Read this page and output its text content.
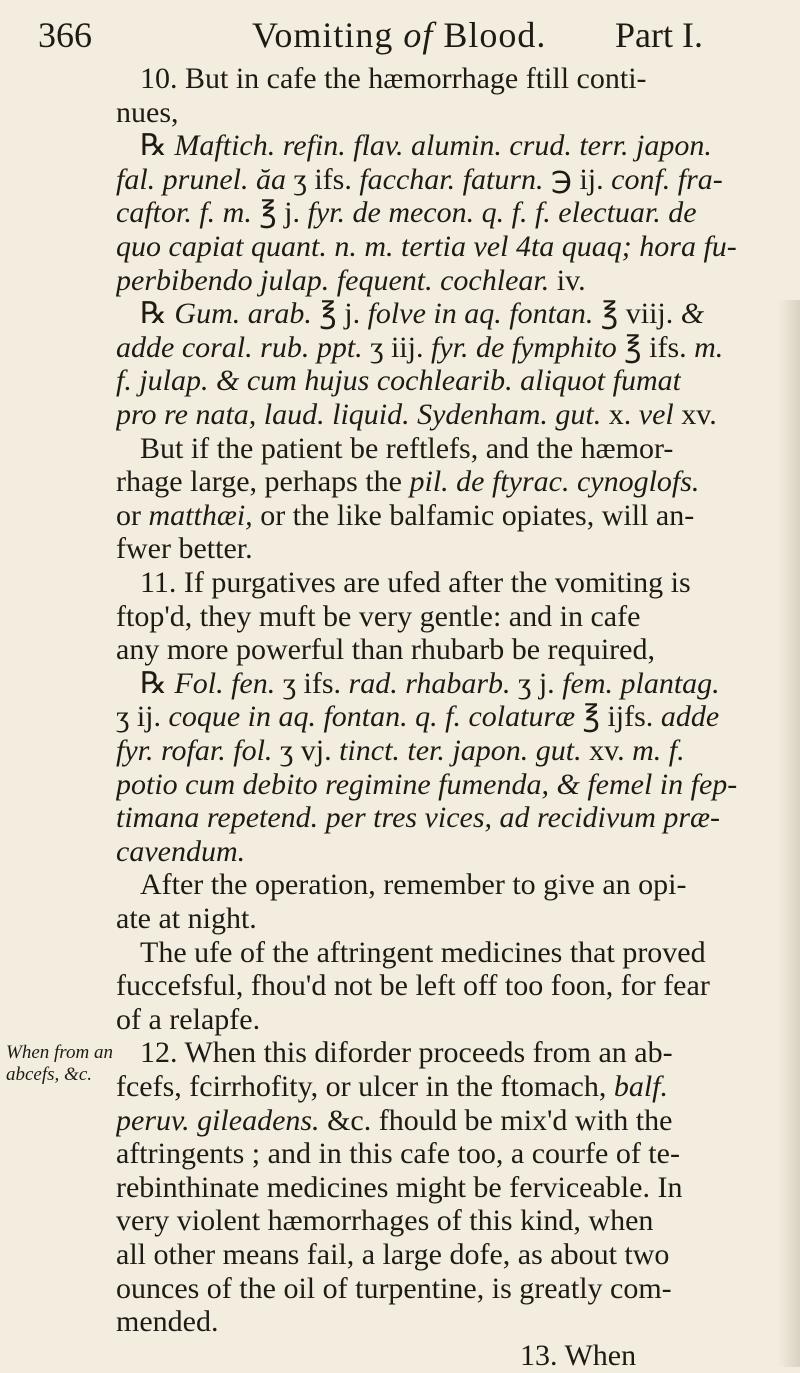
366	Vomiting of Blood. Part I.
10. But in cafe the hæmorrhage ftill conti-
nues,
℞ Maftich. refin. flav. alumin. crud. terr. japon.
fal. prunel. ăa ʒ ifs. facchar. faturn. ℈ ij. conf. fra-
caftor. f. m. ℥ j. fyr. de mecon. q. f. f. electuar. de
quo capiat quant. n. m. tertia vel 4ta quaq; hora fu-
perbibendo julap. fequent. cochlear. iv.
℞ Gum. arab. ℥ j. folve in aq. fontan. ℥ viij. &
adde coral. rub. ppt. ʒ iij. fyr. de fymphito ℥ ifs. m.
f. julap. & cum hujus cochlearib. aliquot fumat
pro re nata, laud. liquid. Sydenham. gut. x. vel xv.
But if the patient be reftlefs, and the hæmor-
rhage large, perhaps the pil. de ftyrac. cynoglofs.
or matthæi, or the like balfamic opiates, will an-
fwer better.
11. If purgatives are ufed after the vomiting is
ftop'd, they muft be very gentle: and in cafe
any more powerful than rhubarb be required,
℞ Fol. fen. ʒ ifs. rad. rhabarb. ʒ j. fem. plantag.
ʒ ij. coque in aq. fontan. q. f. colaturæ ℥ ijfs. adde
fyr. rofar. fol. ʒ vj. tinct. ter. japon. gut. xv. m. f.
potio cum debito regimine fumenda, & femel in fep-
timana repetend. per tres vices, ad recidivum præ-
cavendum.
After the operation, remember to give an opi-
ate at night.
The ufe of the aftringent medicines that proved
fuccefsful, fhou'd not be left off too foon, for fear
of a relapfe.
12. When this diforder proceeds from an ab-
fcefs, fcirrhofity, or ulcer in the ftomach, balf.
peruv. gileadens. &c. fhould be mix'd with the
aftringents ; and in this cafe too, a courfe of te-
rebinthinate medicines might be ferviceable. In
very violent hæmorrhages of this kind, when
all other means fail, a large dofe, as about two
ounces of the oil of turpentine, is greatly com-
mended.
When from an
abcefs, &c.
13. When
